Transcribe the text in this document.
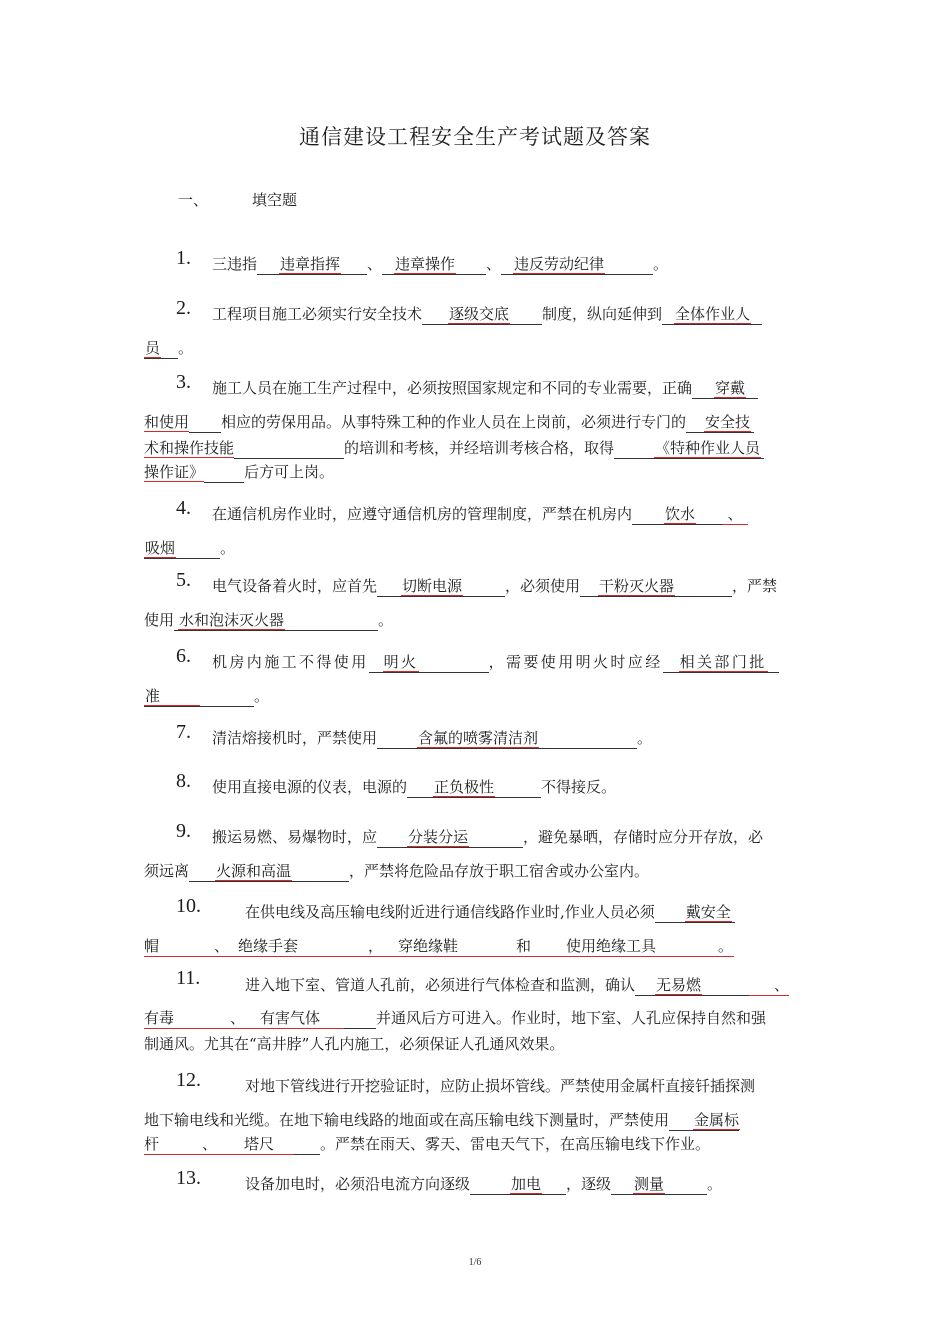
通信建设工程安全生产考试题及答案
一、	填空题
1. 三违指 违章指挥 、 违章操作 、 违反劳动纪律	。
2. 工程项目施工必须实行安全技术 逐级交底 制度，纵向延伸到 全体作业人
员 。
3. 施工人员在施工生产过程中，必须按照国家规定和不同的专业需要，正确 穿戴
和使用 相应的劳保用品。从事特殊工种的作业人员在上岗前，必须进行专门的 安全技
术和操作技能	的培训和考核，并经培训考核合格，取得	《特种作业人员
操作证》	后方可上岗。
4. 在通信机房作业时，应遵守通信机房的管理制度，严禁在机房内 饮水 、
吸烟	。
5. 电气设备着火时，应首先 切断电源	，必须使用 干粉灭火器	，严禁
使用 水和泡沫灭火器	。
6. 机房内施工不得使用 明火	，需要使用明火时应经 相关部门批
准	。
7. 清洁熔接机时，严禁使用	含氟的喷雾清洁剂	。
8. 使用直接电源的仪表，电源的 正负极性	不得接反。
9. 搬运易燃、易爆物时，应 分装分运	，避免暴晒，存储时应分开存放，必
须远离 火源和高温	，严禁将危险品存放于职工宿舍或办公室内。
10.	在供电线及高压输电线附近进行通信线路作业时,作业人员必须 戴安全
帽	、 绝缘手套	， 穿绝缘鞋	和 使用绝缘工具	。
11.	进入地下室、管道人孔前，必须进行气体检查和监测，确认 无易燃	、
有毒	、 有害气体	并通风后方可进入。作业时，地下室、人孔应保持自然和强
制通风。尤其在“高井脖”人孔内施工，必须保证人孔通风效果。
12.	对地下管线进行开挖验证时，应防止损坏管线。严禁使用金属杆直接钎插探测
地下输电线和光缆。在地下输电线路的地面或在高压输电线下测量时，严禁使用 金属标
杆	、 塔尺	。严禁在雨天、雾天、雷电天气下，在高压输电线下作业。
13.	设备加电时，必须沿电流方向逐级	加电 ，逐级 测量	。
1/6
